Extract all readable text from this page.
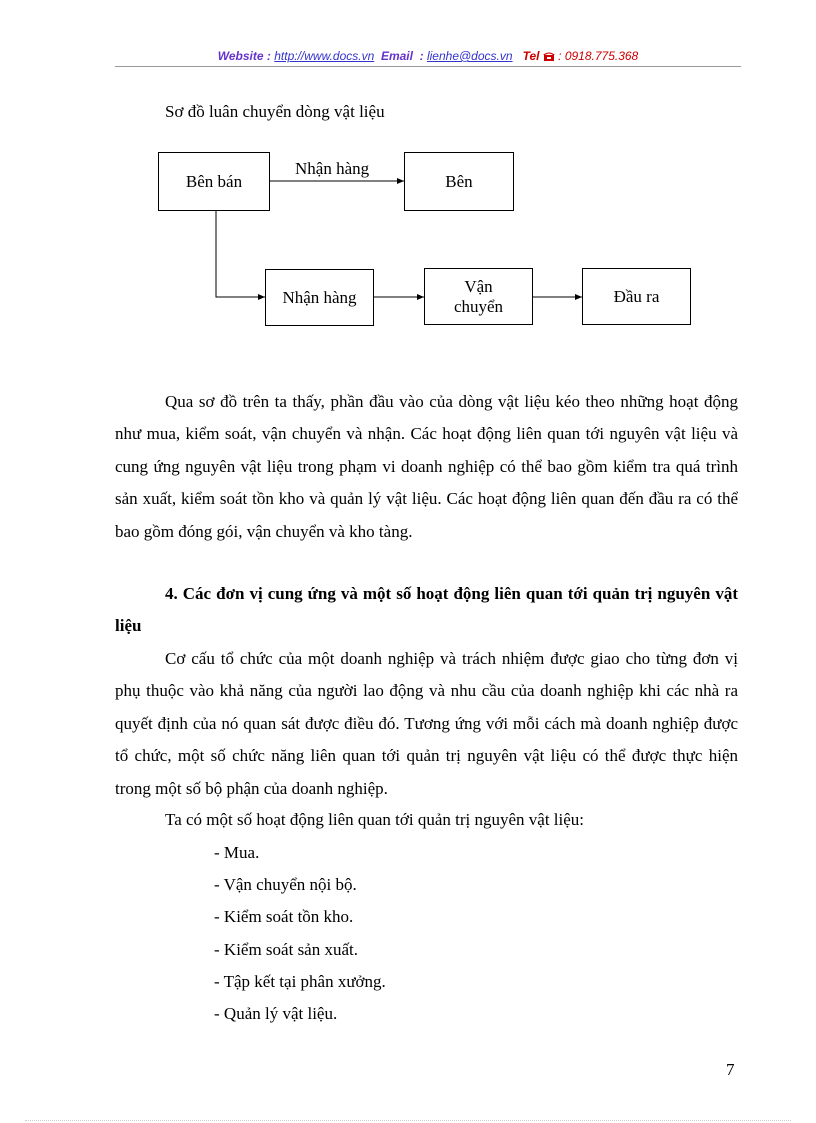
Website : http://www.docs.vn Email  : lienhe@docs.vn Tel  : 0918.775.368
Sơ đồ luân chuyển dòng vật liệu
Bên bán	Bên
Nhận hàng
Vận chuyển
Đầu ra
Nhận hàng

Qua sơ đồ trên ta thấy, phần đầu vào của dòng vật liệu kéo theo những hoạt động như mua, kiểm soát, vận chuyển và nhận. Các hoạt động liên quan tới nguyên vật liệu và cung ứng nguyên vật liệu trong phạm vi doanh nghiệp có thể bao gồm kiểm tra quá trình sản xuất, kiểm soát tồn kho và quản lý vật liệu. Các hoạt động liên quan đến đầu ra có thể bao gồm đóng gói, vận chuyển và kho tàng.

4. Các đơn vị cung ứng và một số hoạt động liên quan tới quản trị nguyên vật liệu

Cơ cấu tổ chức của một doanh nghiệp và trách nhiệm được giao cho từng đơn vị phụ thuộc vào khả năng của người lao động và nhu cầu của doanh nghiệp khi các nhà ra quyết định của nó quan sát được điều đó. Tương ứng với mỗi cách mà doanh nghiệp được tổ chức, một số chức năng liên quan tới quản trị nguyên vật liệu có thể được thực hiện trong một số bộ phận của doanh nghiệp.

Ta có một số hoạt động liên quan tới quản trị nguyên vật liệu:

- Mua.
- Vận chuyển nội bộ.
- Kiểm soát tồn kho.
- Kiểm soát sản xuất.
- Tập kết tại phân xưởng.
- Quản lý vật liệu.
7
